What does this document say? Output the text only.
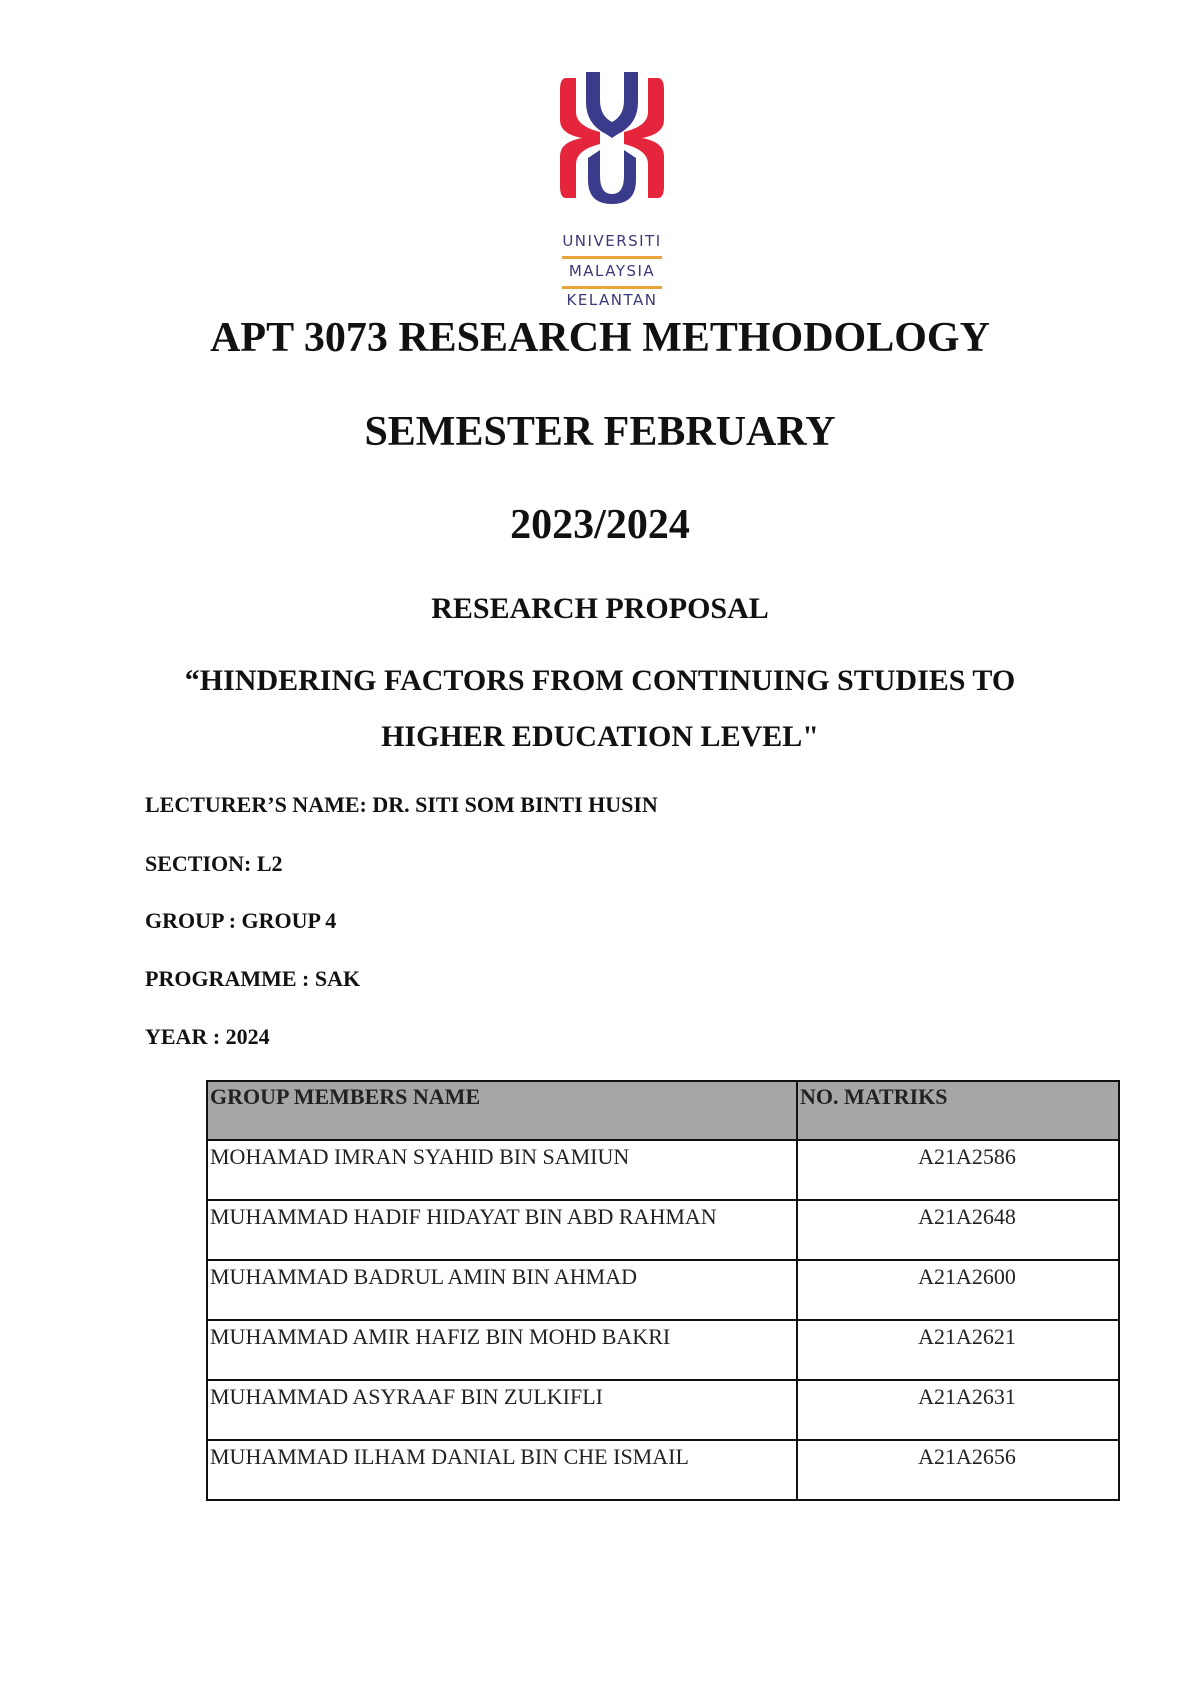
UNIVERSITI
MALAYSIA
KELANTAN
APT 3073 RESEARCH METHODOLOGY
SEMESTER FEBRUARY
2023/2024
RESEARCH PROPOSAL
“HINDERING FACTORS FROM CONTINUING STUDIES TO
HIGHER EDUCATION LEVEL"
LECTURER’S NAME: DR. SITI SOM BINTI HUSIN
SECTION: L2
GROUP : GROUP 4
PROGRAMME : SAK
YEAR : 2024
GROUP MEMBERS NAME	NO. MATRIKS
MOHAMAD IMRAN SYAHID BIN SAMIUN	A21A2586
MUHAMMAD HADIF HIDAYAT BIN ABD RAHMAN	A21A2648
MUHAMMAD BADRUL AMIN BIN AHMAD	A21A2600
MUHAMMAD AMIR HAFIZ BIN MOHD BAKRI	A21A2621
MUHAMMAD ASYRAAF BIN ZULKIFLI	A21A2631
MUHAMMAD ILHAM DANIAL BIN CHE ISMAIL	A21A2656
